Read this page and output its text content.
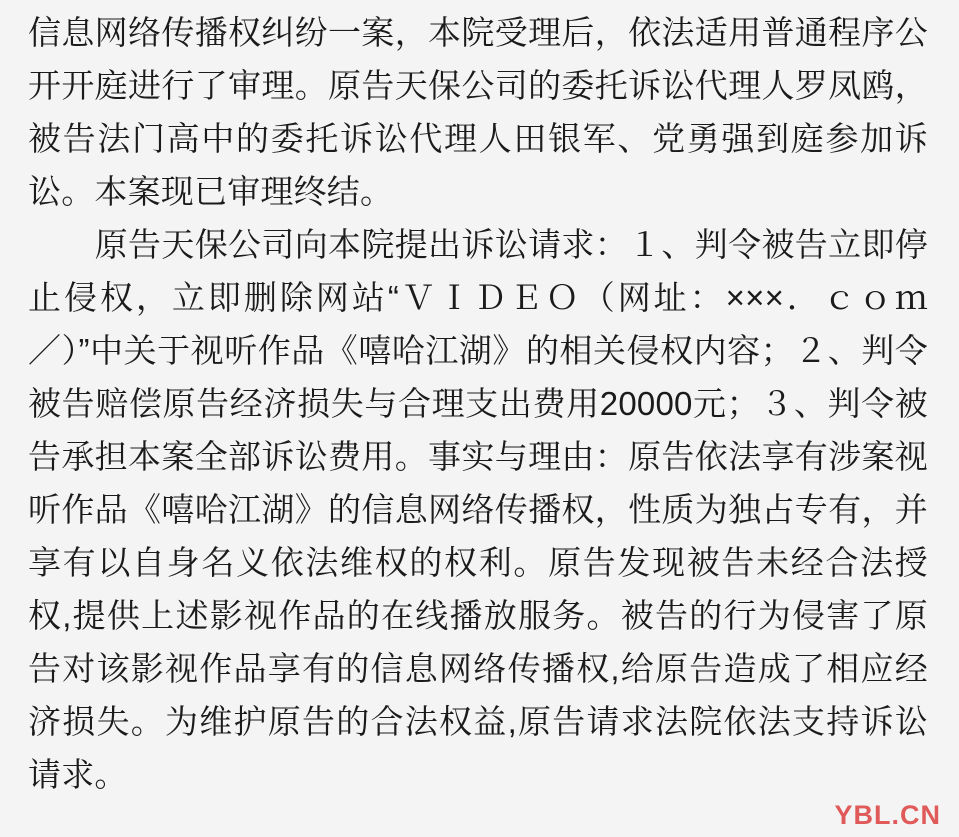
信息网络传播权纠纷一案，本院受理后，依法适用普通程序公开开庭进行了审理。原告天保公司的委托诉讼代理人罗凤鸥，被告法门高中的委托诉讼代理人田银军、党勇强到庭参加诉讼。本案现已审理终结。

　　原告天保公司向本院提出诉讼请求：１、判令被告立即停止侵权，立即删除网站“ＶＩＤＥＯ（网址：×××．ｃｏｍ／）”中关于视听作品《嘻哈江湖》的相关侵权内容；２、判令被告赔偿原告经济损失与合理支出费用20000元；３、判令被告承担本案全部诉讼费用。事实与理由：原告依法享有涉案视听作品《嘻哈江湖》的信息网络传播权，性质为独占专有，并享有以自身名义依法维权的权利。原告发现被告未经合法授权,提供上述影视作品的在线播放服务。被告的行为侵害了原告对该影视作品享有的信息网络传播权,给原告造成了相应经济损失。为维护原告的合法权益,原告请求法院依法支持诉讼请求。

YBL.CN
